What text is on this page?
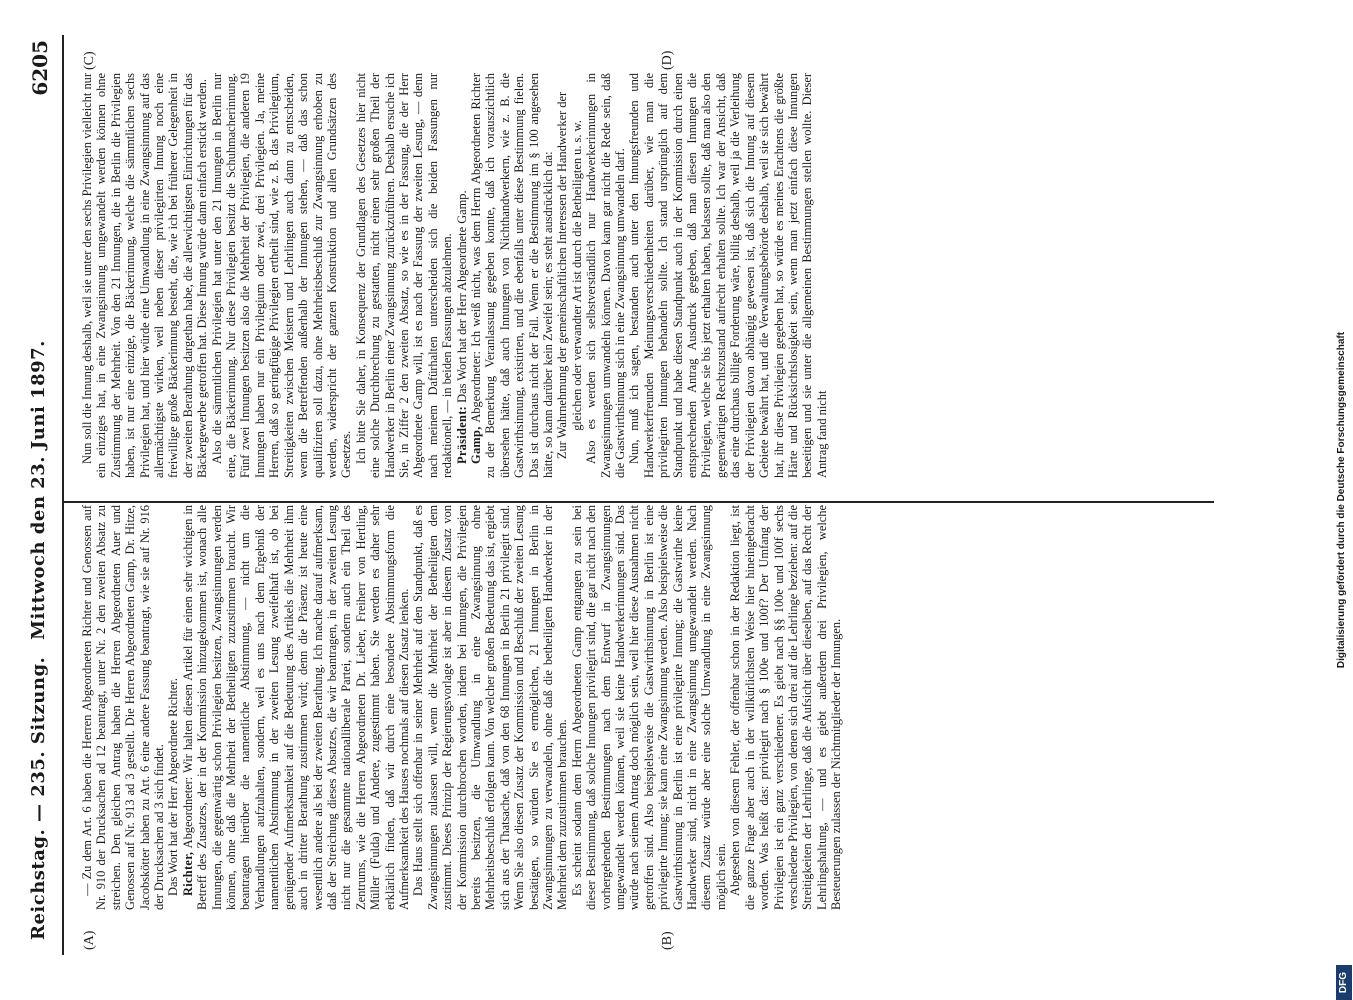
Reichstag. — 235. Sitzung.
Mittwoch den 23. Juni 1897.
6205
(A)	(B)
(C)	(D)

— Zu dem Art. 6 haben die Herren Abgeordneten Richter und Genossen auf Nr. 910 der Drucksachen ad 12 beantragt, unter Nr. 2 den zweiten Absatz zu streichen. Den gleichen Antrag haben die Herren Abgeordneten Auer und Genossen auf Nr. 913 ad 3 gestellt. Die Herren Abgeordneten Gamp, Dr. Hitze, Jacobskötter haben zu Art. 6 eine andere Fassung beantragt, wie sie auf Nr. 916 der Drucksachen ad 3 sich findet. Das Wort hat der Herr Abgeordnete Richter. Richter, Abgeordneter: Wir halten diesen Artikel für einen sehr wichtigen in Betreff des Zusatzes, der in der Kommission hinzugekommen ist, wonach alle Innungen, die gegenwärtig schon Privilegien besitzen, Zwangsinnungen werden können, ohne daß die Mehrheit der Betheiligten zuzustimmen braucht. Wir beantragen hierüber die namentliche Abstimmung, — nicht um die Verhandlungen aufzuhalten, sondern, weil es uns nach dem Ergebniß der namentlichen Abstimmung in der zweiten Lesung zweifelhaft ist, ob bei genügender Aufmerksamkeit auf die Bedeutung des Artikels die Mehrheit ihm auch in dritter Berathung zustimmen wird; denn die Präsenz ist heute eine wesentlich andere als bei der zweiten Berathung. Ich mache darauf aufmerksam, daß der Streichung dieses Absatzes, die wir beantragen, in der zweiten Lesung nicht nur die gesammte nationalliberale Partei, sondern auch ein Theil des Zentrums, wie die Herren Abgeordneten Dr. Lieber, Freiherr von Hertling, Müller (Fulda) und Andere, zugestimmt haben. Sie werden es daher sehr erklärlich finden, daß wir durch eine besondere Abstimmungsform die Aufmerksamkeit des Hauses nochmals auf diesen Zusatz lenken. Das Haus stellt sich offenbar in seiner Mehrheit auf den Standpunkt, daß es Zwangsinnungen zulassen will, wenn die Mehrheit der Betheiligten dem zustimmt. Dieses Prinzip der Regierungsvorlage ist aber in diesem Zusatz von der Kommission durchbrochen worden, indem bei Innungen, die Privilegien bereits besitzen, die Umwandlung in eine Zwangsinnung ohne Mehrheitsbeschluß erfolgen kann. Von welcher großen Bedeutung das ist, ergiebt sich aus der Thatsache, daß von den 68 Innungen in Berlin 21 privilegirt sind. Wenn Sie also diesen Zusatz der Kommission und Beschluß der zweiten Lesung bestätigen, so würden Sie es ermöglichen, 21 Innungen in Berlin in Zwangsinnungen zu verwandeln, ohne daß die betheiligten Handwerker in der Mehrheit dem zuzustimmen brauchen. Es scheint sodann dem Herrn Abgeordneten Gamp entgangen zu sein bei dieser Bestimmung, daß solche Innungen privilegirt sind, die gar nicht nach den vorhergehenden Bestimmungen nach dem Entwurf in Zwangsinnungen umgewandelt werden können, weil sie keine Handwerkerinnungen sind. Das würde nach seinem Antrag doch möglich sein, weil hier diese Ausnahmen nicht getroffen sind. Also beispielsweise die Gastwirthsinnung in Berlin ist eine privilegirte Innung; sie kann eine Zwangsinnung werden. Also beispielsweise die Gastwirthsinnung in Berlin ist eine privilegirte Innung; die Gastwirthe keine Handwerker sind, nicht in eine Zwangsinnung umgewandelt werden. Nach diesem Zusatz würde aber eine solche Umwandlung in eine Zwangsinnung möglich sein. Abgesehen von diesem Fehler, der offenbar schon in der Redaktion liegt, ist die ganze Frage aber auch in der willkürlichsten Weise hier hineingebracht worden. Was heißt das: privilegirt nach § 100e und 100f? Der Umfang der Privilegien ist ein ganz verschiedener. Es giebt nach §§ 100e und 100f sechs verschiedene Privilegien, von denen sich drei auf die Lehrlinge beziehen: auf die Streitigkeiten der Lehrlinge, daß die Aufsicht über dieselben, auf das Recht der Lehrlingshaltung, — und es giebt außerdem drei Privilegien, welche Besteuerungen zulassen der Nichtmitglieder der Innungen.

Nun soll die Innung deshalb, weil sie unter den sechs Privilegien vielleicht nur ein einziges hat, in eine Zwangsinnung umgewandelt werden können ohne Zustimmung der Mehrheit. Von den 21 Innungen, die in Berlin die Privilegien haben, ist nur eine einzige, die Bäckerinnung, welche die sämmtlichen sechs Privilegien hat, und hier würde eine Umwandlung in eine Zwangsinnung auf das allermächtigste wirken, weil neben dieser privilegirten Innung noch eine freiwillige große Bäckerinnung besteht, die, wie ich bei früherer Gelegenheit in der zweiten Berathung dargethan habe, die allerwichtigsten Einrichtungen für das Bäckergewerbe getroffen hat. Diese Innung würde dann einfach erstickt werden. Also die sämmtlichen Privilegien hat unter den 21 Innungen in Berlin nur eine, die Bäckerinnung. Nur diese Privilegien besitzt die Schuhmacherinnung. Fünf zwei Innungen besitzen also die Mehrheit der Privilegien, die anderen 19 Innungen haben nur ein Privilegium oder zwei, drei Privilegien. Ja, meine Herren, daß so geringfügige Privilegien ertheilt sind, wie z. B. das Privilegium, Streitigkeiten zwischen Meistern und Lehrlingen auch dann zu entscheiden, wenn die Betreffenden außerhalb der Innungen stehen, — daß das schon qualifiziren soll dazu, ohne Mehrheitsbeschluß zur Zwangsinnung erhoben zu werden, widerspricht der ganzen Konstruktion und allen Grundsätzen des Gesetzes. Ich bitte Sie daher, in Konsequenz der Grundlagen des Gesetzes hier nicht eine solche Durchbrechung zu gestatten, nicht einen sehr großen Theil der Handwerker in Berlin einer Zwangsinnung zurückzuführen. Deshalb ersuche ich Sie, in Ziffer 2 den zweiten Absatz, so wie es in der Fassung, die der Herr Abgeordnete Gamp will, ist es nach der Fassung der zweiten Lesung, — denn nach meinem Dafürhalten unterscheiden sich die beiden Fassungen nur redaktionell, — in beiden Fassungen abzulehnen. Präsident: Das Wort hat der Herr Abgeordnete Gamp.

Gamp, Abgeordneter: Ich weiß nicht, was dem Herrn Abgeordneten Richter zu der Bemerkung Veranlassung gegeben konnte, daß ich vorauszichtlich übersehen hätte, daß auch Innungen von Nichthandwerkern, wie z. B. die Gastwirthsinnung, existirten, und die ebenfalls unter diese Bestimmung fielen. Das ist durchaus nicht der Fall. Wenn er die Bestimmung im § 100 angesehen hätte, so kann darüber kein Zweifel sein; es steht ausdrücklich da: Zur Wahrnehmung der gemeinschaftlichen Interessen der Handwerker der gleichen oder verwandter Art ist durch die Betheiligten u. s. w. Also es werden sich selbstverständlich nur Handwerkerinnungen in Zwangsinnungen umwandeln können. Davon kann gar nicht die Rede sein, daß die Gastwirthsinnung sich in eine Zwangsinnung umwandeln darf. Nun, muß ich sagen, bestanden auch unter den Innungsfreunden und Handwerkerfreunden Meinungsverschiedenheiten darüber, wie man die privilegirten Innungen behandeln sollte. Ich stand ursprünglich auf dem Standpunkt und habe diesen Standpunkt auch in der Kommission durch einen entsprechenden Antrag Ausdruck gegeben, daß man diesen Innungen die Privilegien, welche sie bis jetzt erhalten haben, belassen sollte, daß man also den gegenwärtigen Rechtszustand aufrecht erhalten sollte. Ich war der Ansicht, daß das eine durchaus billige Forderung wäre, billig deshalb, weil ja die Verleihung der Privilegien davon abhängig gewesen ist, daß sich die Innung auf diesem Gebiete bewährt hat, und die Verwaltungsbehörde deshalb, weil sie sich bewährt hat, ihr diese Privilegien gegeben hat, so würde es meines Erachtens die größte Härte und Rücksichtslosigkeit sein, wenn man jetzt einfach diese Innungen beseitigen und sie unter die allgemeinen Bestimmungen stellen wollte. Dieser Antrag fand nicht

DFG
Digitalisierung gefördert durch die Deutsche Forschungsgemeinschaft
